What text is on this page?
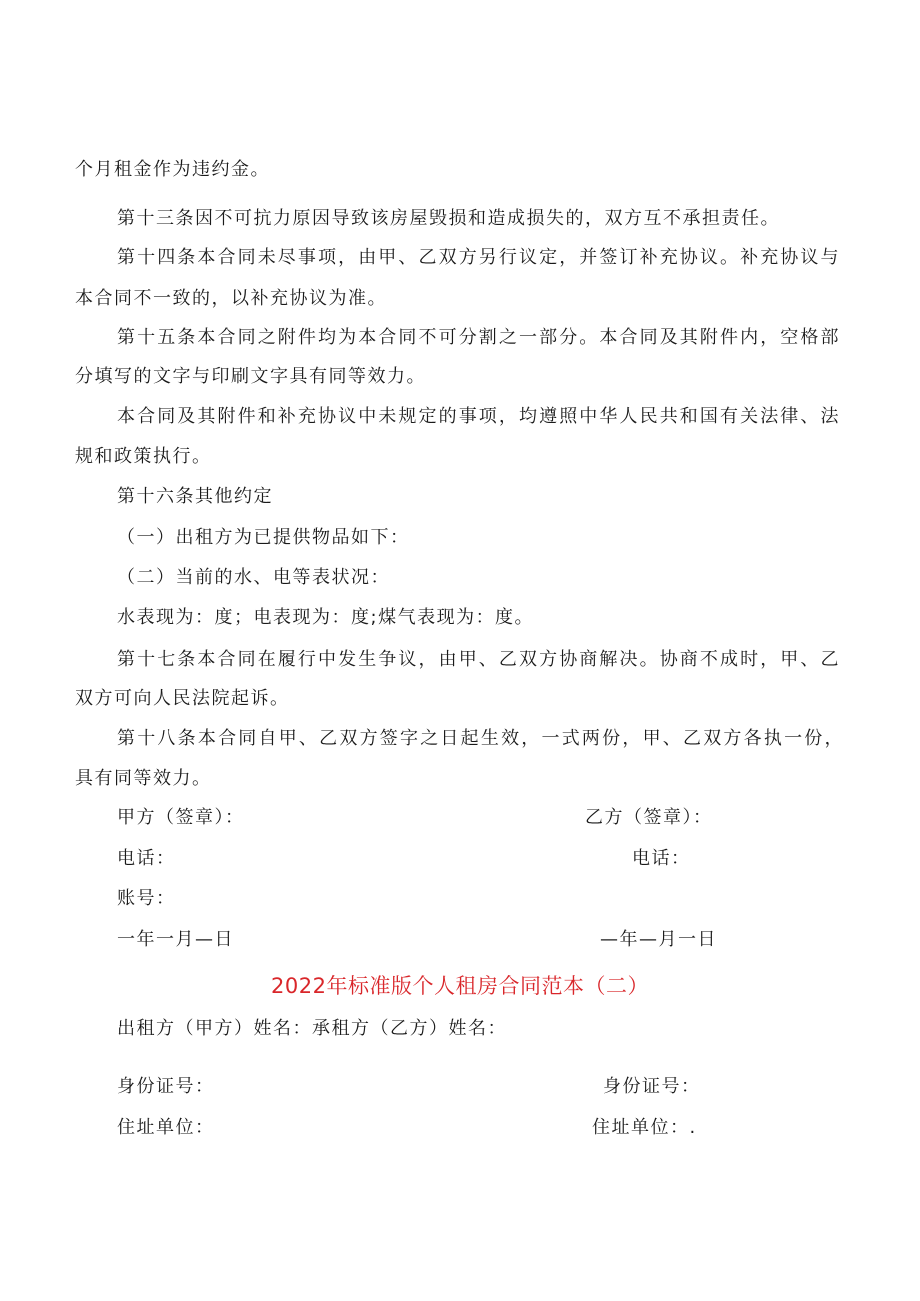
个月租金作为违约金。
第十三条因不可抗力原因导致该房屋毁损和造成损失的，双方互不承担责任。
第十四条本合同未尽事项，由甲、乙双方另行议定，并签订补充协议。补充协议与
本合同不一致的，以补充协议为准。
第十五条本合同之附件均为本合同不可分割之一部分。本合同及其附件内，空格部
分填写的文字与印刷文字具有同等效力。
本合同及其附件和补充协议中未规定的事项，均遵照中华人民共和国有关法律、法
规和政策执行。
第十六条其他约定
（一）出租方为已提供物品如下：
（二）当前的水、电等表状况：
水表现为：度；电表现为：度;煤气表现为：度。
第十七条本合同在履行中发生争议，由甲、乙双方协商解决。协商不成时，甲、乙
双方可向人民法院起诉。
第十八条本合同自甲、乙双方签字之日起生效，一式两份，甲、乙双方各执一份，
具有同等效力。
甲方（签章）：	乙方（签章）：
电话：	电话：
账号：
一年一月—日	—年—月一日
2022年标准版个人租房合同范本（二）
出租方（甲方）姓名：承租方（乙方）姓名：
身份证号：	身份证号：
住址单位：	住址单位：.
